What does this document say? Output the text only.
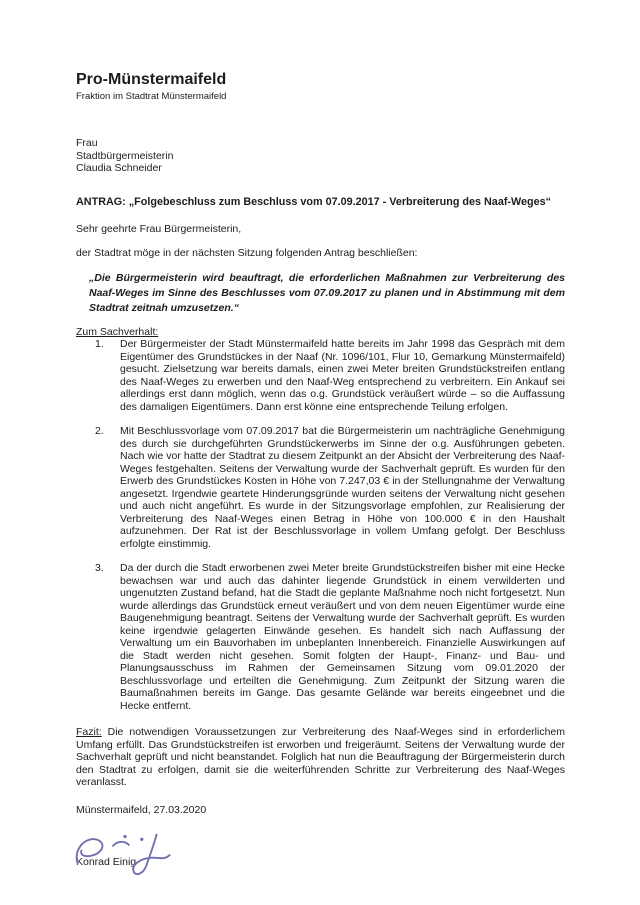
Pro-Münstermaifeld
Fraktion im Stadtrat Münstermaifeld
Frau
Stadtbürgermeisterin
Claudia Schneider
ANTRAG: „Folgebeschluss zum Beschluss vom 07.09.2017 - Verbreiterung des Naaf-Weges“
Sehr geehrte Frau Bürgermeisterin,
der Stadtrat möge in der nächsten Sitzung folgenden Antrag beschließen:
„Die Bürgermeisterin wird beauftragt, die erforderlichen Maßnahmen zur Verbreiterung des Naaf-Weges im Sinne des Beschlusses vom 07.09.2017 zu planen und in Abstimmung mit dem Stadtrat zeitnah umzusetzen.“
Zum Sachverhalt:
1.	Der Bürgermeister der Stadt Münstermaifeld hatte bereits im Jahr 1998 das Gespräch mit dem Eigentümer des Grundstückes in der Naaf (Nr. 1096/101, Flur 10, Gemarkung Münstermaifeld) gesucht. Zielsetzung war bereits damals, einen zwei Meter breiten Grundstückstreifen entlang des Naaf-Weges zu erwerben und den Naaf-Weg entsprechend zu verbreitern. Ein Ankauf sei allerdings erst dann möglich, wenn das o.g. Grundstück veräußert würde – so die Auffassung des damaligen Eigentümers. Dann erst könne eine entsprechende Teilung erfolgen.
2.	Mit Beschlussvorlage vom 07.09.2017 bat die Bürgermeisterin um nachträgliche Genehmigung des durch sie durchgeführten Grundstückerwerbs im Sinne der o.g. Ausführungen gebeten. Nach wie vor hatte der Stadtrat zu diesem Zeitpunkt an der Absicht der Verbreiterung des Naaf-Weges festgehalten. Seitens der Verwaltung wurde der Sachverhalt geprüft. Es wurden für den Erwerb des Grundstückes Kosten in Höhe von 7.247,03 € in der Stellungnahme der Verwaltung angesetzt. Irgendwie geartete Hinderungsgründe wurden seitens der Verwaltung nicht gesehen und auch nicht angeführt. Es wurde in der Sitzungsvorlage empfohlen, zur Realisierung der Verbreiterung des Naaf-Weges einen Betrag in Höhe von 100.000 € in den Haushalt aufzunehmen. Der Rat ist der Beschlussvorlage in vollem Umfang gefolgt. Der Beschluss erfolgte einstimmig.
3.	Da der durch die Stadt erworbenen zwei Meter breite Grundstückstreifen bisher mit eine Hecke bewachsen war und auch das dahinter liegende Grundstück in einem verwilderten und ungenutzten Zustand befand, hat die Stadt die geplante Maßnahme noch nicht fortgesetzt. Nun wurde allerdings das Grundstück erneut veräußert und von dem neuen Eigentümer wurde eine Baugenehmigung beantragt. Seitens der Verwaltung wurde der Sachverhalt geprüft. Es wurden keine irgendwie gelagerten Einwände gesehen. Es handelt sich nach Auffassung der Verwaltung um ein Bauvorhaben im unbeplanten Innenbereich. Finanzielle Auswirkungen auf die Stadt werden nicht gesehen. Somit folgten der Haupt-, Finanz- und Bau- und Planungsausschuss im Rahmen der Gemeinsamen Sitzung vom 09.01.2020 der Beschlussvorlage und erteilten die Genehmigung. Zum Zeitpunkt der Sitzung waren die Baumaßnahmen bereits im Gange. Das gesamte Gelände war bereits eingeebnet und die Hecke entfernt.
Fazit: Die notwendigen Voraussetzungen zur Verbreiterung des Naaf-Weges sind in erforderlichem Umfang erfüllt. Das Grundstückstreifen ist erworben und freigeräumt. Seitens der Verwaltung wurde der Sachverhalt geprüft und nicht beanstandet. Folglich hat nun die Beauftragung der Bürgermeisterin durch den Stadtrat zu erfolgen, damit sie die weiterführenden Schritte zur Verbreiterung des Naaf-Weges veranlasst.
Münstermaifeld, 27.03.2020
Konrad Einig
